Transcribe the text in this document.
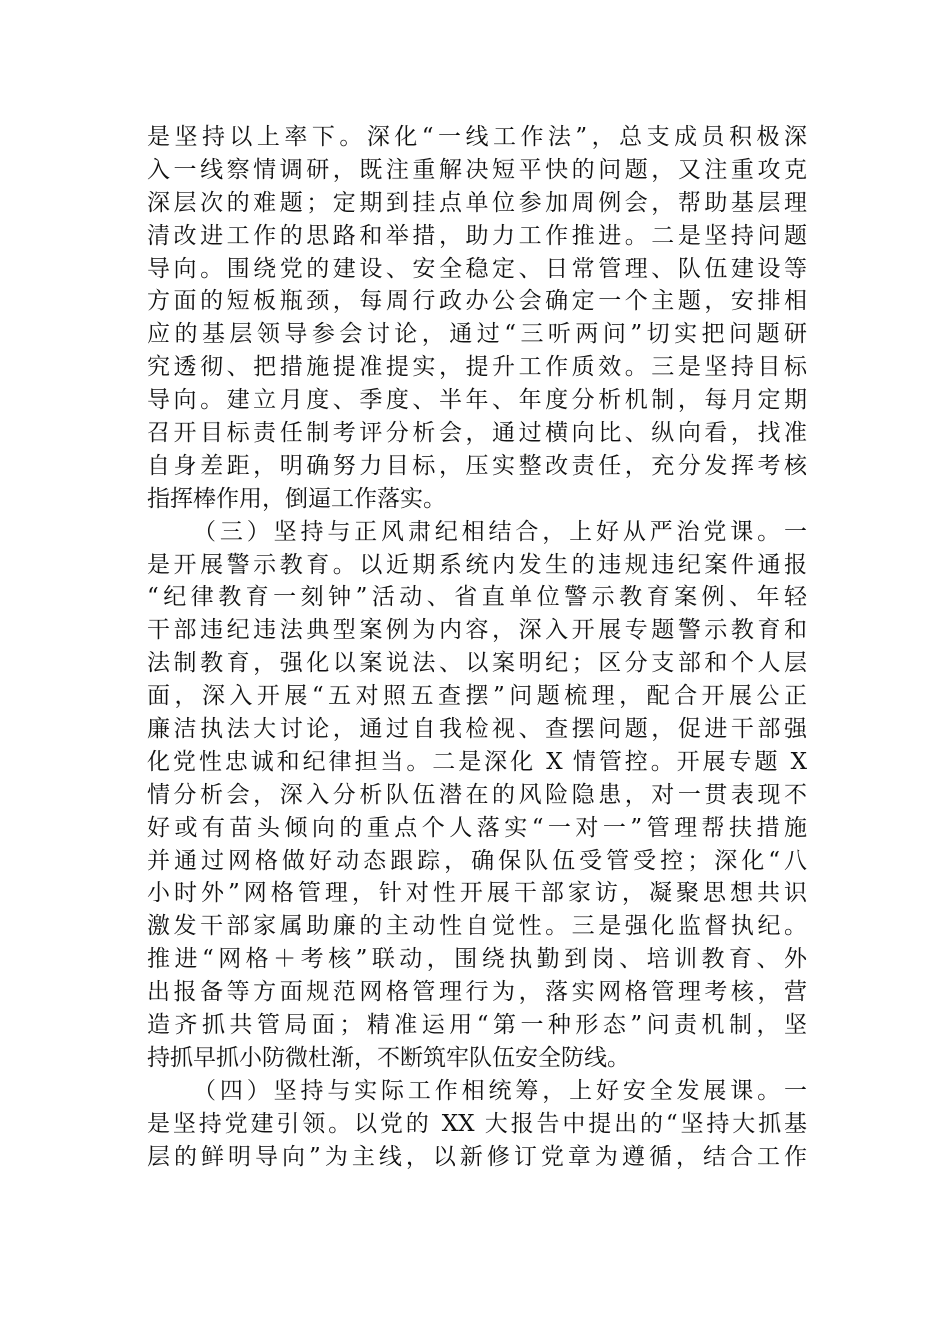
是坚持以上率下。深化“一线工作法”，总支成员积极深
入一线察情调研，既注重解决短平快的问题，又注重攻克
深层次的难题；定期到挂点单位参加周例会，帮助基层理
清改进工作的思路和举措，助力工作推进。二是坚持问题
导向。围绕党的建设、安全稳定、日常管理、队伍建设等
方面的短板瓶颈，每周行政办公会确定一个主题，安排相
应的基层领导参会讨论，通过“三听两问”切实把问题研
究透彻、把措施提准提实，提升工作质效。三是坚持目标
导向。建立月度、季度、半年、年度分析机制，每月定期
召开目标责任制考评分析会，通过横向比、纵向看，找准
自身差距，明确努力目标，压实整改责任，充分发挥考核
指挥棒作用，倒逼工作落实。
（三）坚持与正风肃纪相结合，上好从严治党课。一
是开展警示教育。以近期系统内发生的违规违纪案件通报
“纪律教育一刻钟”活动、省直单位警示教育案例、年轻
干部违纪违法典型案例为内容，深入开展专题警示教育和
法制教育，强化以案说法、以案明纪；区分支部和个人层
面，深入开展“五对照五查摆”问题梳理，配合开展公正
廉洁执法大讨论，通过自我检视、查摆问题，促进干部强
化党性忠诚和纪律担当。二是深化 X 情管控。开展专题 X
情分析会，深入分析队伍潜在的风险隐患，对一贯表现不
好或有苗头倾向的重点个人落实“一对一”管理帮扶措施
并通过网格做好动态跟踪，确保队伍受管受控；深化“八
小时外”网格管理，针对性开展干部家访，凝聚思想共识
激发干部家属助廉的主动性自觉性。三是强化监督执纪。
推进“网格＋考核”联动，围绕执勤到岗、培训教育、外
出报备等方面规范网格管理行为，落实网格管理考核，营
造齐抓共管局面；精准运用“第一种形态”问责机制，坚
持抓早抓小防微杜渐，不断筑牢队伍安全防线。
（四）坚持与实际工作相统筹，上好安全发展课。一
是坚持党建引领。以党的 XX 大报告中提出的“坚持大抓基
层的鲜明导向”为主线，以新修订党章为遵循，结合工作
